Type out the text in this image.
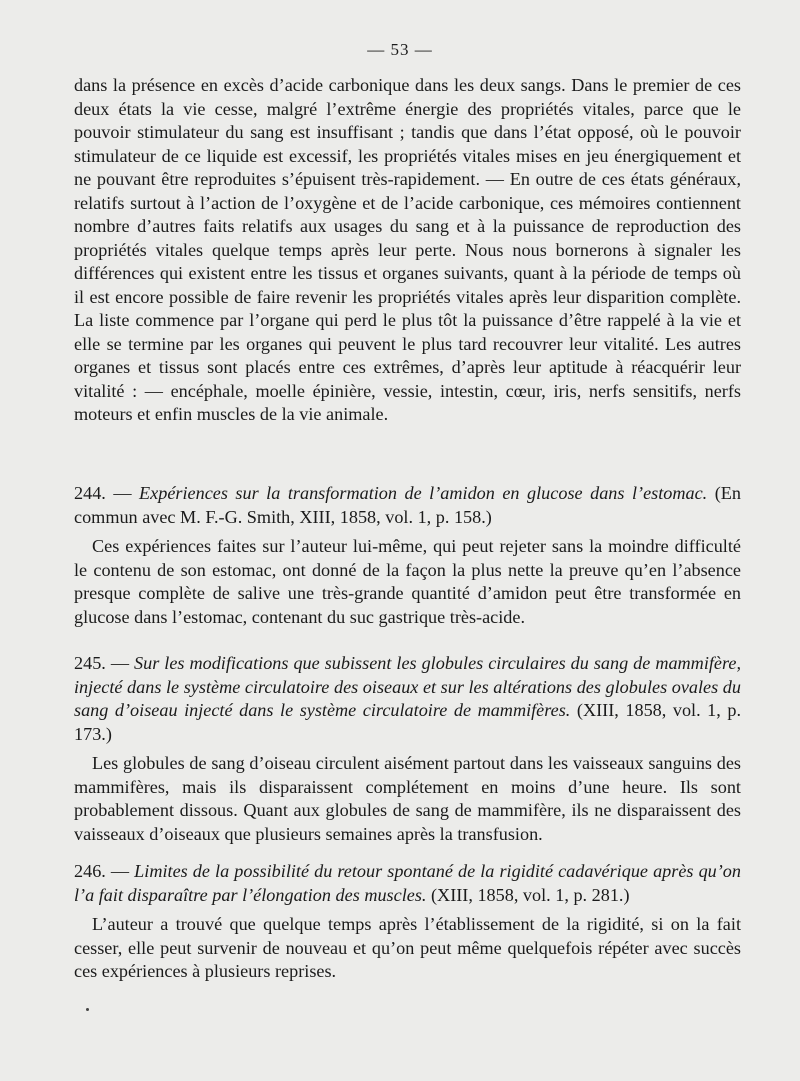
— 53 —

dans la présence en excès d’acide carbonique dans les deux sangs. Dans le premier de ces deux états la vie cesse, malgré l’extrême énergie des propriétés vitales, parce que le pouvoir stimulateur du sang est insuffisant ; tandis que dans l’état opposé, où le pouvoir stimulateur de ce liquide est excessif, les propriétés vitales mises en jeu énergiquement et ne pouvant être reproduites s’épuisent très-rapidement. — En outre de ces états généraux, relatifs surtout à l’action de l’oxygène et de l’acide carbonique, ces mémoires contiennent nombre d’autres faits relatifs aux usages du sang et à la puissance de reproduction des propriétés vitales quelque temps après leur perte. Nous nous bornerons à signaler les différences qui existent entre les tissus et organes suivants, quant à la période de temps où il est encore possible de faire revenir les propriétés vitales après leur disparition complète. La liste commence par l’organe qui perd le plus tôt la puissance d’être rappelé à la vie et elle se termine par les organes qui peuvent le plus tard recouvrer leur vitalité. Les autres organes et tissus sont placés entre ces extrêmes, d’après leur aptitude à réacquérir leur vitalité : — encéphale, moelle épinière, vessie, intestin, cœur, iris, nerfs sensitifs, nerfs moteurs et enfin muscles de la vie animale.

244. — Expériences sur la transformation de l’amidon en glucose dans l’estomac. (En commun avec M. F.-G. Smith, XIII, 1858, vol. 1, p. 158.)

Ces expériences faites sur l’auteur lui-même, qui peut rejeter sans la moindre difficulté le contenu de son estomac, ont donné de la façon la plus nette la preuve qu’en l’absence presque complète de salive une très-grande quantité d’amidon peut être transformée en glucose dans l’estomac, contenant du suc gastrique très-acide.

245. — Sur les modifications que subissent les globules circulaires du sang de mammifère, injecté dans le système circulatoire des oiseaux et sur les altérations des globules ovales du sang d’oiseau injecté dans le système circulatoire de mammifères. (XIII, 1858, vol. 1, p. 173.)

Les globules de sang d’oiseau circulent aisément partout dans les vaisseaux sanguins des mammifères, mais ils disparaissent complétement en moins d’une heure. Ils sont probablement dissous. Quant aux globules de sang de mammifère, ils ne disparaissent des vaisseaux d’oiseaux que plusieurs semaines après la transfusion.

246. — Limites de la possibilité du retour spontané de la rigidité cadavérique après qu’on l’a fait disparaître par l’élongation des muscles. (XIII, 1858, vol. 1, p. 281.)

L’auteur a trouvé que quelque temps après l’établissement de la rigidité, si on la fait cesser, elle peut survenir de nouveau et qu’on peut même quelquefois répéter avec succès ces expériences à plusieurs reprises.
